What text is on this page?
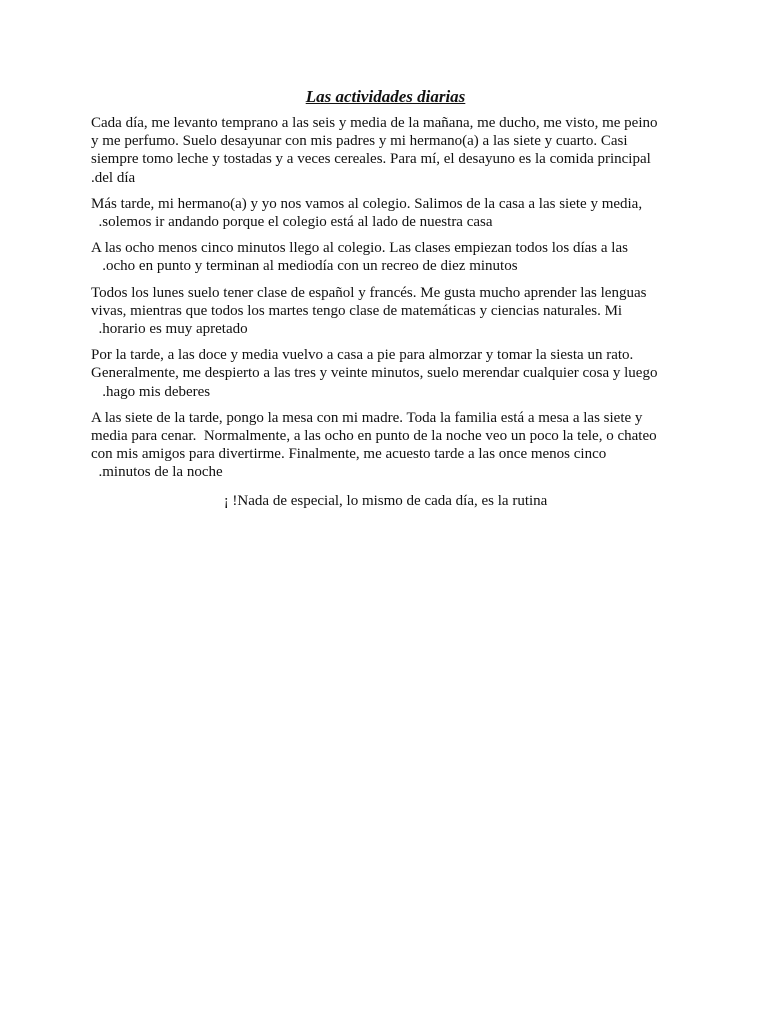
Las actividades diarias

Cada día, me levanto temprano a las seis y media de la mañana, me ducho, me visto, me peino
y me perfumo. Suelo desayunar con mis padres y mi hermano(a) a las siete y cuarto. Casi
siempre tomo leche y tostadas y a veces cereales. Para mí, el desayuno es la comida principal
.del día

Más tarde, mi hermano(a) y yo nos vamos al colegio. Salimos de la casa a las siete y media,
.solemos ir andando porque el colegio está al lado de nuestra casa

A las ocho menos cinco minutos llego al colegio. Las clases empiezan todos los días a las
.ocho en punto y terminan al mediodía con un recreo de diez minutos

Todos los lunes suelo tener clase de español y francés. Me gusta mucho aprender las lenguas
vivas, mientras que todos los martes tengo clase de matemáticas y ciencias naturales. Mi
.horario es muy apretado

Por la tarde, a las doce y media vuelvo a casa a pie para almorzar y tomar la siesta un rato.
Generalmente, me despierto a las tres y veinte minutos, suelo merendar cualquier cosa y luego
.hago mis deberes

A las siete de la tarde, pongo la mesa con mi madre. Toda la familia está a mesa a las siete y
media para cenar.  Normalmente, a las ocho en punto de la noche veo un poco la tele, o chateo
con mis amigos para divertirme. Finalmente, me acuesto tarde a las once menos cinco
.minutos de la noche

¡ !Nada de especial, lo mismo de cada día, es la rutina
